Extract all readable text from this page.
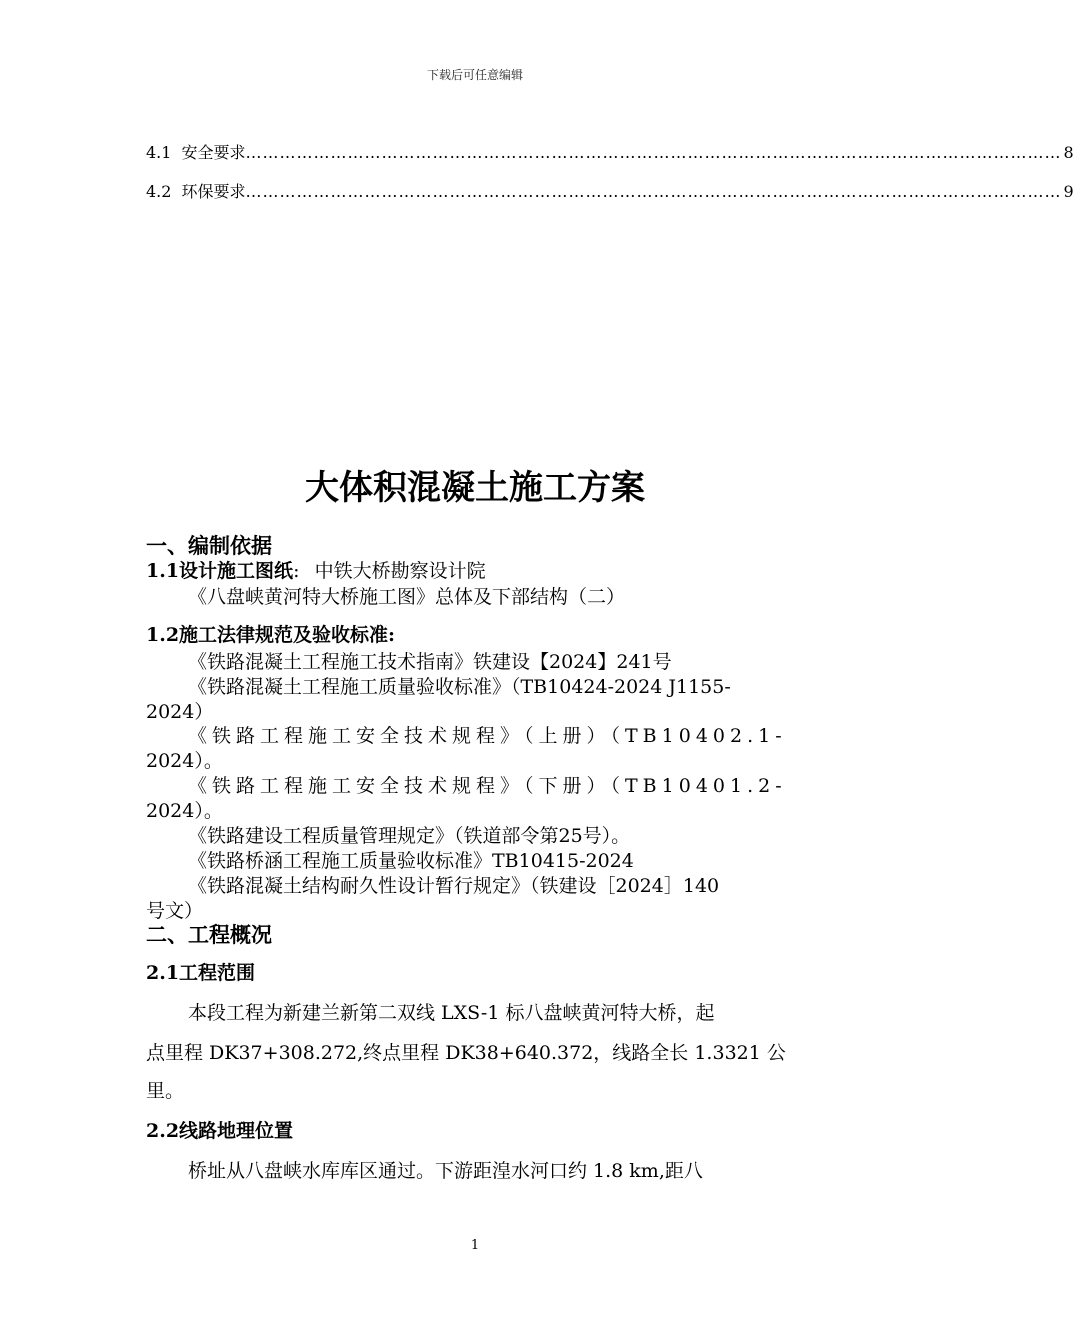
下载后可任意编辑
4.1 安全要求 ……………………………………………………………………………………………………………………………… 8
4.2 环保要求 ……………………………………………………………………………………………………………………………… 9
大体积混凝土施工方案
一、编制依据
1.1设计施工图纸: 中铁大桥勘察设计院
《八盘峡黄河特大桥施工图》总体及下部结构（二）
1.2施工法律规范及验收标准:
《铁路混凝土工程施工技术指南》铁建设【2024】241号
《铁路混凝土工程施工质量验收标准》（TB10424-2024 J1155-
2024）
《铁路工程施工安全技术规程》（上册）（TB10402.1-
2024）。
《铁路工程施工安全技术规程》（下册）（TB10401.2-
2024）。
《铁路建设工程质量管理规定》（铁道部令第25号）。
《铁路桥涵工程施工质量验收标准》TB10415-2024
《铁路混凝土结构耐久性设计暂行规定》（铁建设［2024］140
号文）
二、工程概况
2.1工程范围
本段工程为新建兰新第二双线 LXS-1 标八盘峡黄河特大桥，起
点里程 DK37+308.272,终点里程 DK38+640.372，线路全长 1.3321 公
里。
2.2线路地理位置
桥址从八盘峡水库库区通过。下游距湟水河口约 1.8 km,距八
1
